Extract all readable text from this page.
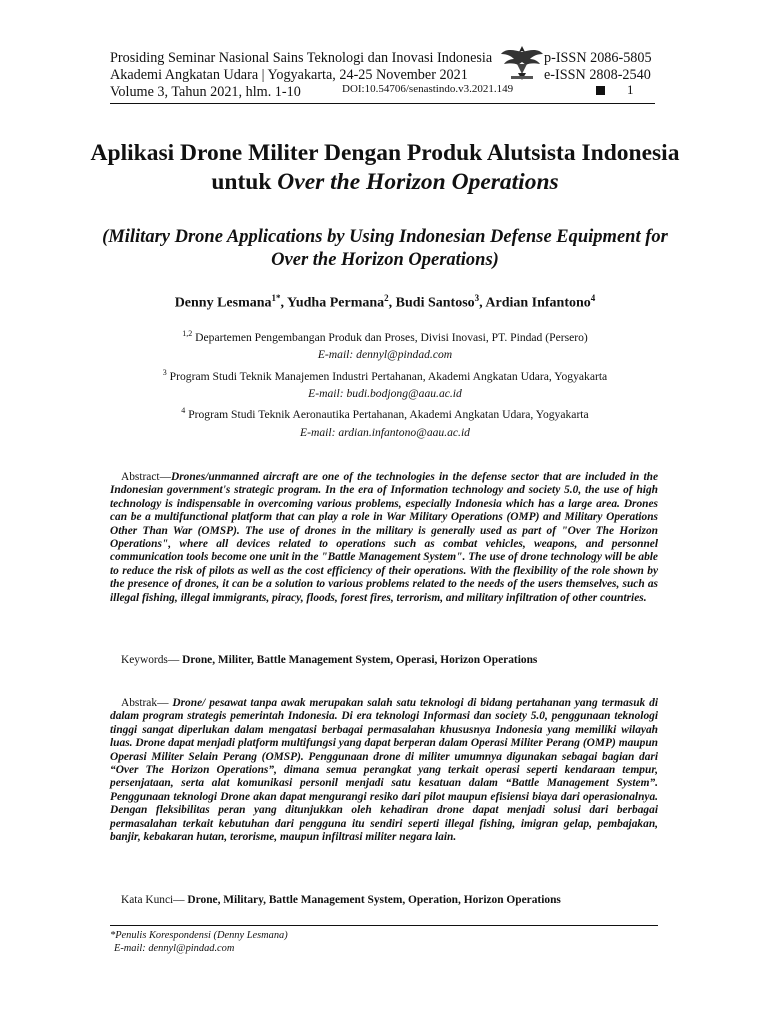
Prosiding Seminar Nasional Sains Teknologi dan Inovasi Indonesia
Akademi Angkatan Udara | Yogyakarta, 24-25 November 2021
Volume 3, Tahun 2021, hlm. 1-10
p-ISSN 2086-5805
e-ISSN 2808-2540
DOI:10.54706/senastindo.v3.2021.149	1
Aplikasi Drone Militer Dengan Produk Alutsista Indonesia untuk Over the Horizon Operations
(Military Drone Applications by Using Indonesian Defense Equipment for Over the Horizon Operations)
Denny Lesmana$^{1*}$, Yudha Permana$^2$, Budi Santoso$^3$, Ardian Infantono$^4$
$^{1,2}$ Departemen Pengembangan Produk dan Proses, Divisi Inovasi, PT. Pindad (Persero)
E-mail: dennyl@pindad.com
$^3$ Program Studi Teknik Manajemen Industri Pertahanan, Akademi Angkatan Udara, Yogyakarta
E-mail: budi.bodjong@aau.ac.id
$^4$ Program Studi Teknik Aeronautika Pertahanan, Akademi Angkatan Udara, Yogyakarta
E-mail: ardian.infantono@aau.ac.id
Abstract—Drones/unmanned aircraft are one of the technologies in the defense sector that are included in the Indonesian government's strategic program. In the era of Information technology and society 5.0, the use of high technology is indispensable in overcoming various problems, especially Indonesia which has a large area. Drones can be a multifunctional platform that can play a role in War Military Operations (OMP) and Military Operations Other Than War (OMSP). The use of drones in the military is generally used as part of "Over The Horizon Operations", where all devices related to operations such as combat vehicles, weapons, and personnel communication tools become one unit in the "Battle Management System". The use of drone technology will be able to reduce the risk of pilots as well as the cost efficiency of their operations. With the flexibility of the role shown by the presence of drones, it can be a solution to various problems related to the needs of the users themselves, such as illegal fishing, illegal immigrants, piracy, floods, forest fires, terrorism, and military infiltration of other countries.
Keywords— Drone, Militer, Battle Management System, Operasi, Horizon Operations
Abstrak— Drone/ pesawat tanpa awak merupakan salah satu teknologi di bidang pertahanan yang termasuk di dalam program strategis pemerintah Indonesia. Di era teknologi Informasi dan society 5.0, penggunaan teknologi tinggi sangat diperlukan dalam mengatasi berbagai permasalahan khususnya Indonesia yang memiliki wilayah luas. Drone dapat menjadi platform multifungsi yang dapat berperan dalam Operasi Militer Perang (OMP) maupun Operasi Militer Selain Perang (OMSP). Penggunaan drone di militer umumnya digunakan sebagai bagian dari “Over The Horizon Operations”, dimana semua perangkat yang terkait operasi seperti kendaraan tempur, persenjataan, serta alat komunikasi personil menjadi satu kesatuan dalam “Battle Management System”. Penggunaan teknologi Drone akan dapat mengurangi resiko dari pilot maupun efisiensi biaya dari operasionalnya. Dengan fleksibilitas peran yang ditunjukkan oleh kehadiran drone dapat menjadi solusi dari berbagai permasalahan terkait kebutuhan dari pengguna itu sendiri seperti illegal fishing, imigran gelap, pembajakan, banjir, kebakaran hutan, terorisme, maupun infiltrasi militer negara lain.
Kata Kunci— Drone, Military, Battle Management System, Operation, Horizon Operations
*Penulis Korespondensi (Denny Lesmana)
E-mail: dennyl@pindad.com
